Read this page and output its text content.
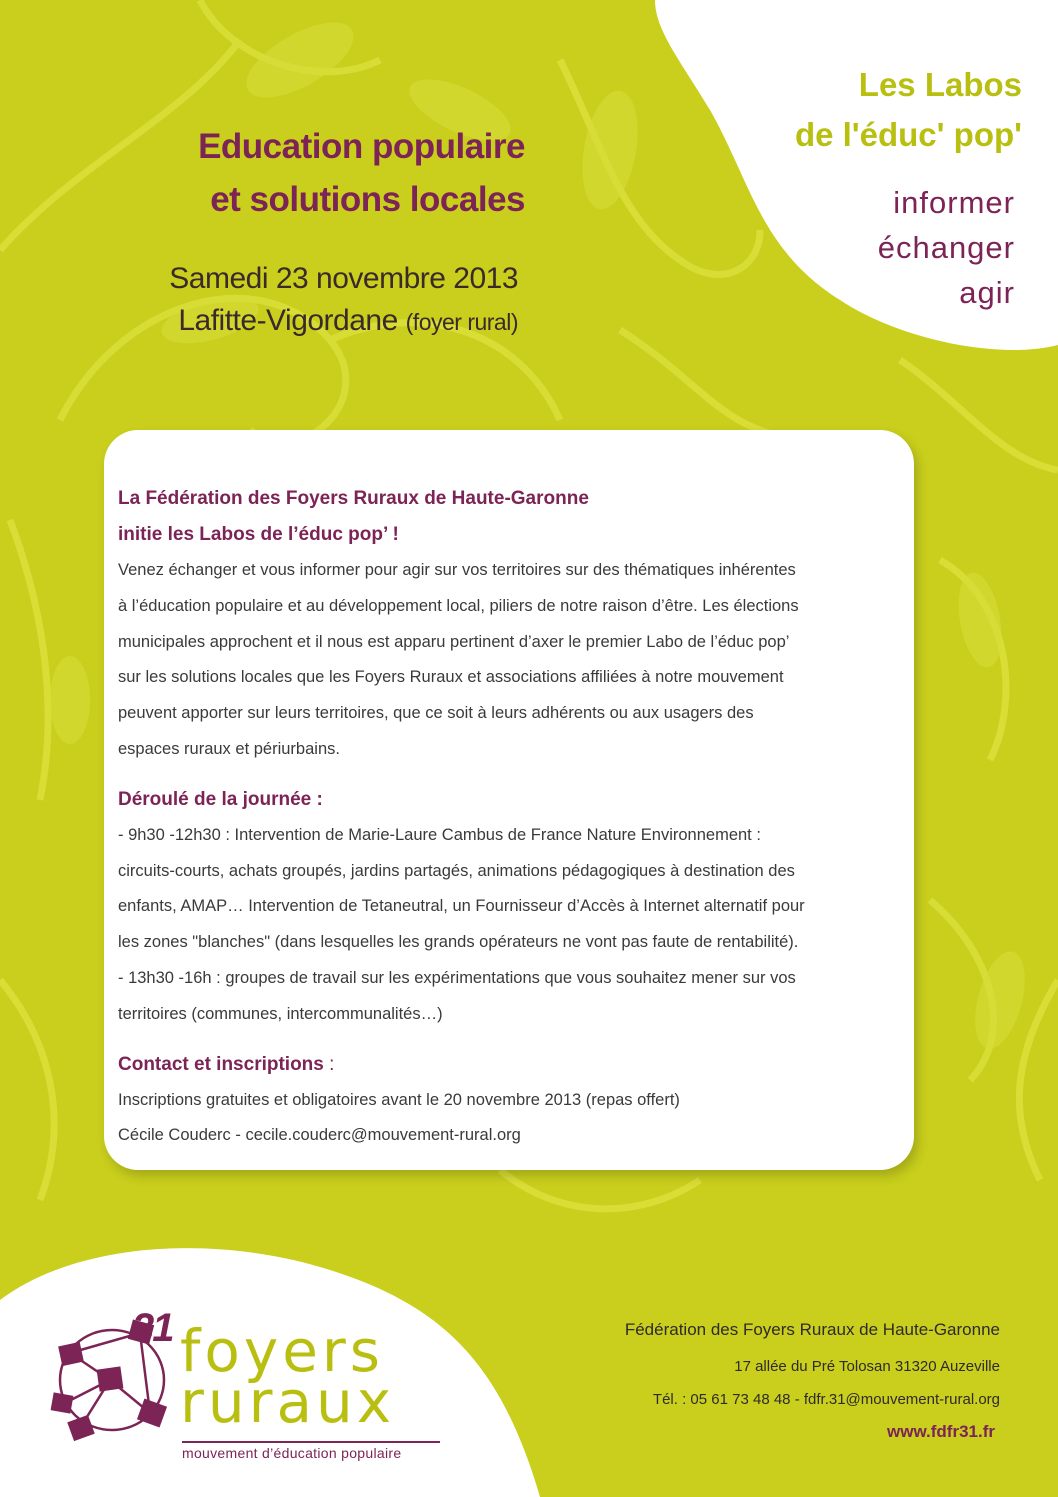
Education populaire
et solutions locales
Samedi 23 novembre 2013
Lafitte-Vigordane (foyer rural)
Les Labos
de l'éduc' pop'
informer
échanger
agir
La Fédération des Foyers Ruraux de Haute-Garonne
initie les Labos de l’éduc pop’ !
Venez échanger et vous informer pour agir sur vos territoires sur des thématiques inhérentes
à l’éducation populaire et au développement local, piliers de notre raison d’être. Les élections
municipales approchent et il nous est apparu pertinent d’axer le premier Labo de l’éduc pop’
sur les solutions locales que les Foyers Ruraux et associations affiliées à notre mouvement
peuvent apporter sur leurs territoires, que ce soit à leurs adhérents ou aux usagers des
espaces ruraux et périurbains.
Déroulé de la journée :
- 9h30 -12h30 : Intervention de Marie-Laure Cambus de France Nature Environnement :
circuits-courts, achats groupés, jardins partagés, animations pédagogiques à destination des
enfants, AMAP… Intervention de Tetaneutral, un Fournisseur d’Accès à Internet alternatif pour
les zones "blanches" (dans lesquelles les grands opérateurs ne vont pas faute de rentabilité).
- 13h30 -16h : groupes de travail sur les expérimentations que vous souhaitez mener sur vos
territoires (communes, intercommunalités…)
Contact et inscriptions :
Inscriptions gratuites et obligatoires avant le 20 novembre 2013 (repas offert)
Cécile Couderc - cecile.couderc@mouvement-rural.org
31 foyers
ruraux
mouvement d’éducation populaire
Fédération des Foyers Ruraux de Haute-Garonne
17 allée du Pré Tolosan 31320 Auzeville
Tél. : 05 61 73 48 48 - fdfr.31@mouvement-rural.org
www.fdfr31.fr
